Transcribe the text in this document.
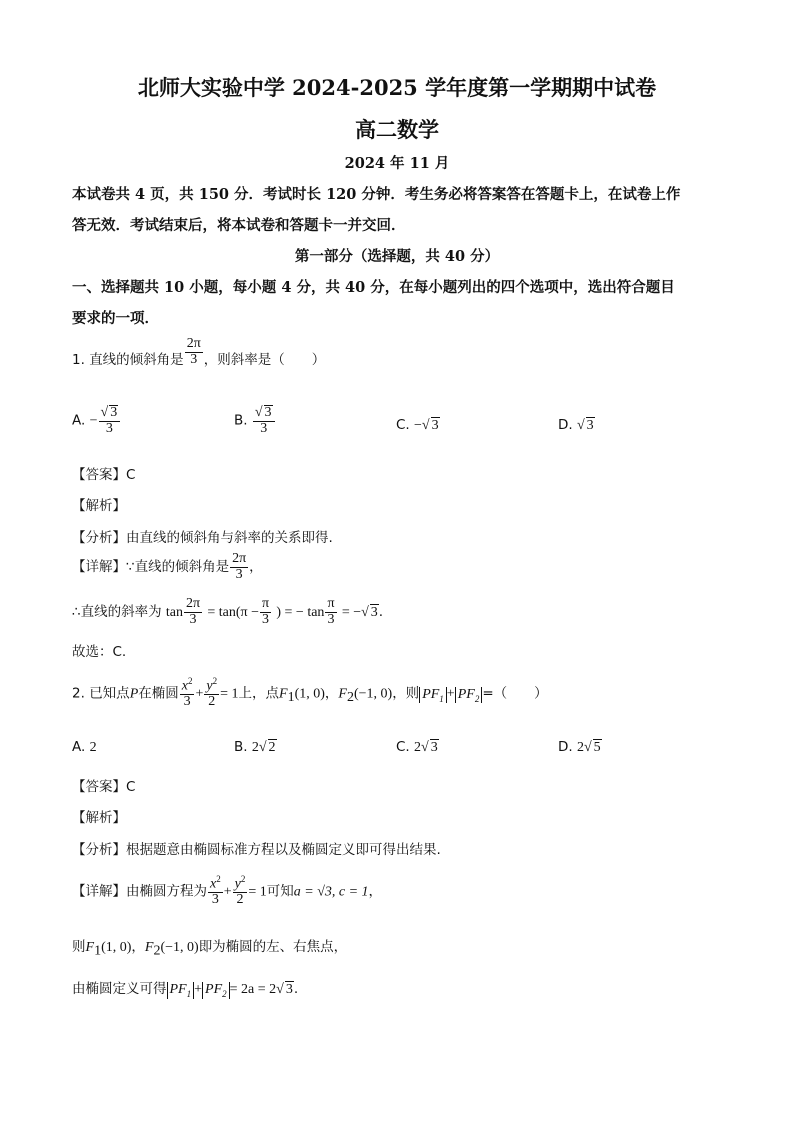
北师大实验中学 2024-2025 学年度第一学期期中试卷
高二数学
2024 年 11 月
本试卷共 4 页，共 150 分．考试时长 120 分钟．考生务必将答案答在答题卡上，在试卷上作
答无效．考试结束后，将本试卷和答题卡一并交回．
第一部分（选择题，共 40 分）
一、选择题共 10 小题，每小题 4 分，共 40 分，在每小题列出的四个选项中，选出符合题目
要求的一项．
1. 直线的倾斜角是 $\frac{2\pi}{3}$ ，则斜率是（　　）
A. − $\frac{√ 3}{3}$	B. $\frac{√ 3}{3}$	C. −√ 3	D. √ 3
【答案】C
【解析】
【分析】由直线的倾斜角与斜率的关系即得.
【详解】∵直线的倾斜角是 $\frac{2\pi}{3}$ ，
∴直线的斜率为 $\tan \frac{2\pi}{3} = \tan(\pi - \frac{\pi}{3}$ ) = − $\tan \frac{\pi}{3}$ = −√ 3.
故选：C.
2. 已知点P在椭圆 $\frac{x^2}{3} + \frac{y^2}{2} = 1$上，点$F_1(1$, 0)，$F_2(-1$, 0)，则 $PF_1 + PF_2$ =（　　）
A. 2	B. 2√ 2	C. 2√ 3	D. 2√ 5
【答案】C
【解析】
【分析】根据题意由椭圆标准方程以及椭圆定义即可得出结果.
【详解】由椭圆方程为 $\frac{x^2}{3} + \frac{y^2}{2} = 1$可知a = √3, c = 1，
则$F_1(1$, 0)，$F_2(-1$, 0)即为椭圆的左、右焦点，
由椭圆定义可得 $PF_1 + PF_2 = 2a = 2√$ 3.
